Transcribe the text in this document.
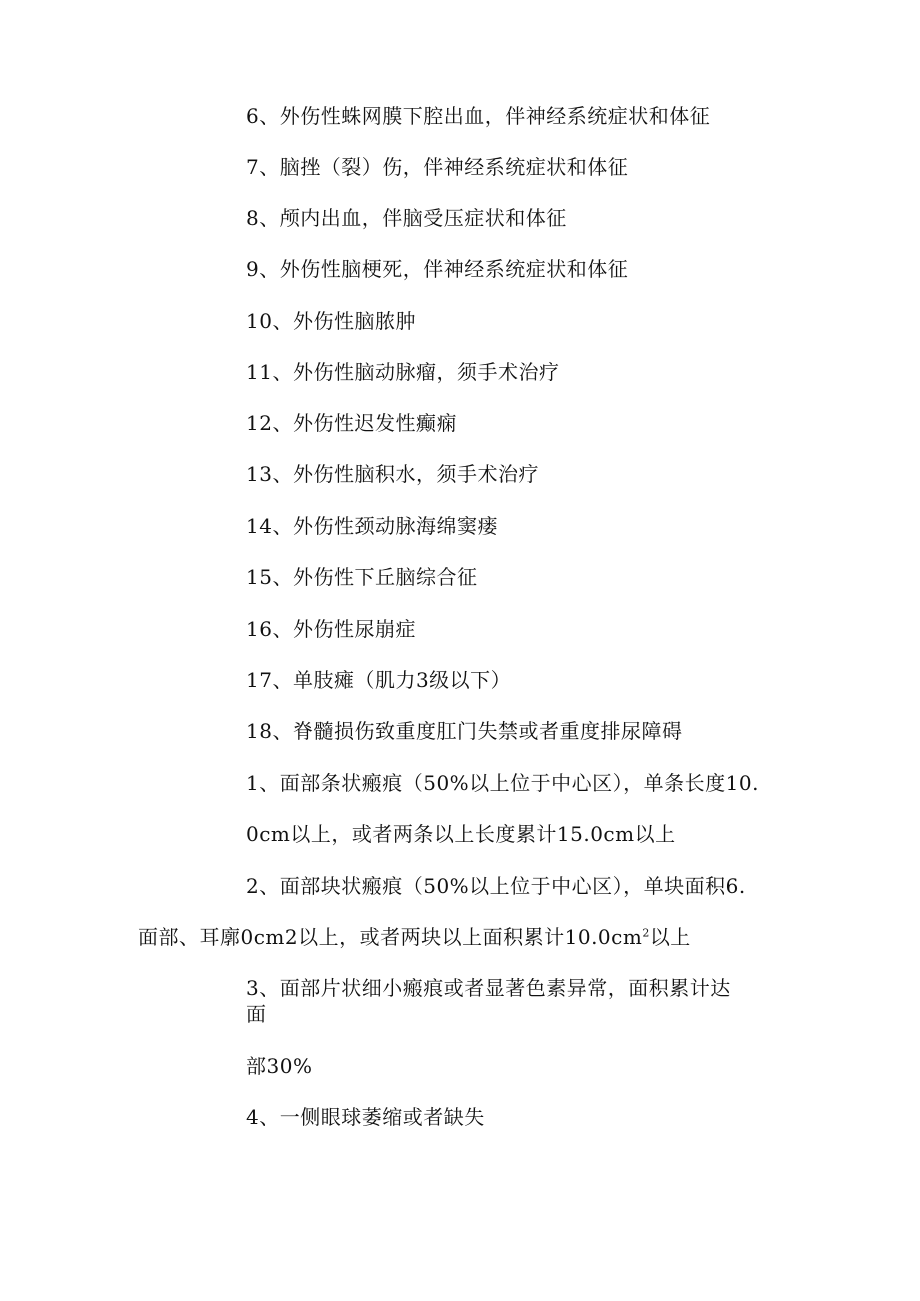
6、外伤性蛛网膜下腔出血，伴神经系统症状和体征
7、脑挫（裂）伤，伴神经系统症状和体征
8、颅内出血，伴脑受压症状和体征
9、外伤性脑梗死，伴神经系统症状和体征
10、外伤性脑脓肿
11、外伤性脑动脉瘤，须手术治疗
12、外伤性迟发性癫痫
13、外伤性脑积水，须手术治疗
14、外伤性颈动脉海绵窦瘘
15、外伤性下丘脑综合征
16、外伤性尿崩症
17、单肢瘫（肌力3级以下）
18、脊髓损伤致重度肛门失禁或者重度排尿障碍
1、面部条状瘢痕（50%以上位于中心区），单条长度10.
0cm以上，或者两条以上长度累计15.0cm以上
2、面部块状瘢痕（50%以上位于中心区），单块面积6.
面部、耳廓0cm2以上，或者两块以上面积累计$10.0cm^2$以上
3、面部片状细小瘢痕或者显著色素异常，面积累计达
面
部30%
4、一侧眼球萎缩或者缺失
